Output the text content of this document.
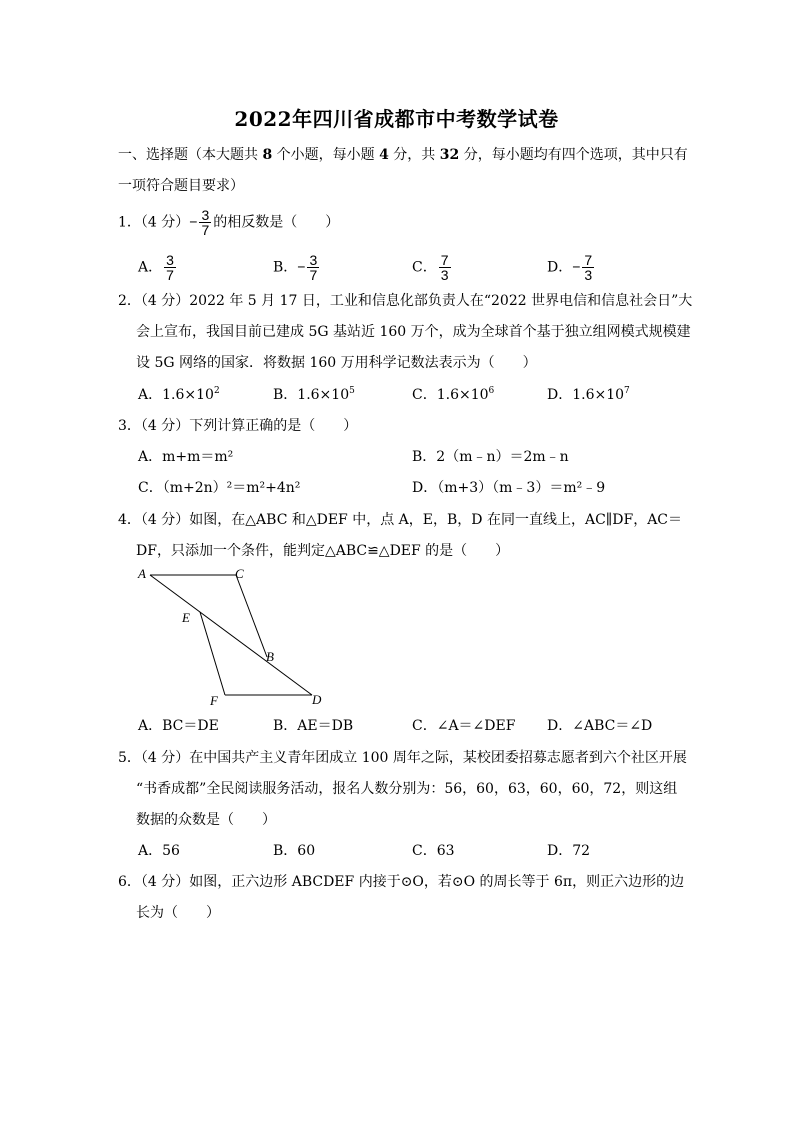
2022年四川省成都市中考数学试卷
一、选择题（本大题共 8 个小题，每小题 4 分，共 32 分，每小题均有四个选项，其中只有
一项符合题目要求）
1．（4 分）− $\frac{3}{7}$ 的相反数是（　　）
A． $\frac{3}{7}$	B．− $\frac{3}{7}$	C． $\frac{7}{3}$	D．− $\frac{7}{3}$
2．（4 分）2022 年 5 月 17 日，工业和信息化部负责人在“2022 世界电信和信息社会日”大
会上宣布，我国目前已建成 5G 基站近 160 万个，成为全球首个基于独立组网模式规模建
设 5G 网络的国家．将数据 160 万用科学记数法表示为（　　）
A．$1.6\times 10^2$	B．$1.6\times 10^5$	C．$1.6\times 10^6$	D．$1.6\times 10^7$
3．（4 分）下列计算正确的是（　　）
A．m+m＝m²	B．2（m﹣n）＝2m﹣n
C．（m+2n）²＝m²+4n²	D．（m+3）（m﹣3）＝m²﹣9
4．（4 分）如图，在△ABC 和△DEF 中，点 A，E，B，D 在同一直线上，AC∥DF，AC＝
DF，只添加一个条件，能判定△ABC≌△DEF 的是（　　）
A	C
E
B
F	D
A．BC＝DE	B．AE＝DB	C．∠A＝∠DEF D．∠ABC＝∠D
5．（4 分）在中国共产主义青年团成立 100 周年之际，某校团委招募志愿者到六个社区开展
“书香成都”全民阅读服务活动，报名人数分别为：56，60，63，60，60，72，则这组
数据的众数是（　　）
A．56	B．60	C．63	D．72
6．（4 分）如图，正六边形 ABCDEF 内接于⊙O，若⊙O 的周长等于 6π，则正六边形的边
长为（　　）
